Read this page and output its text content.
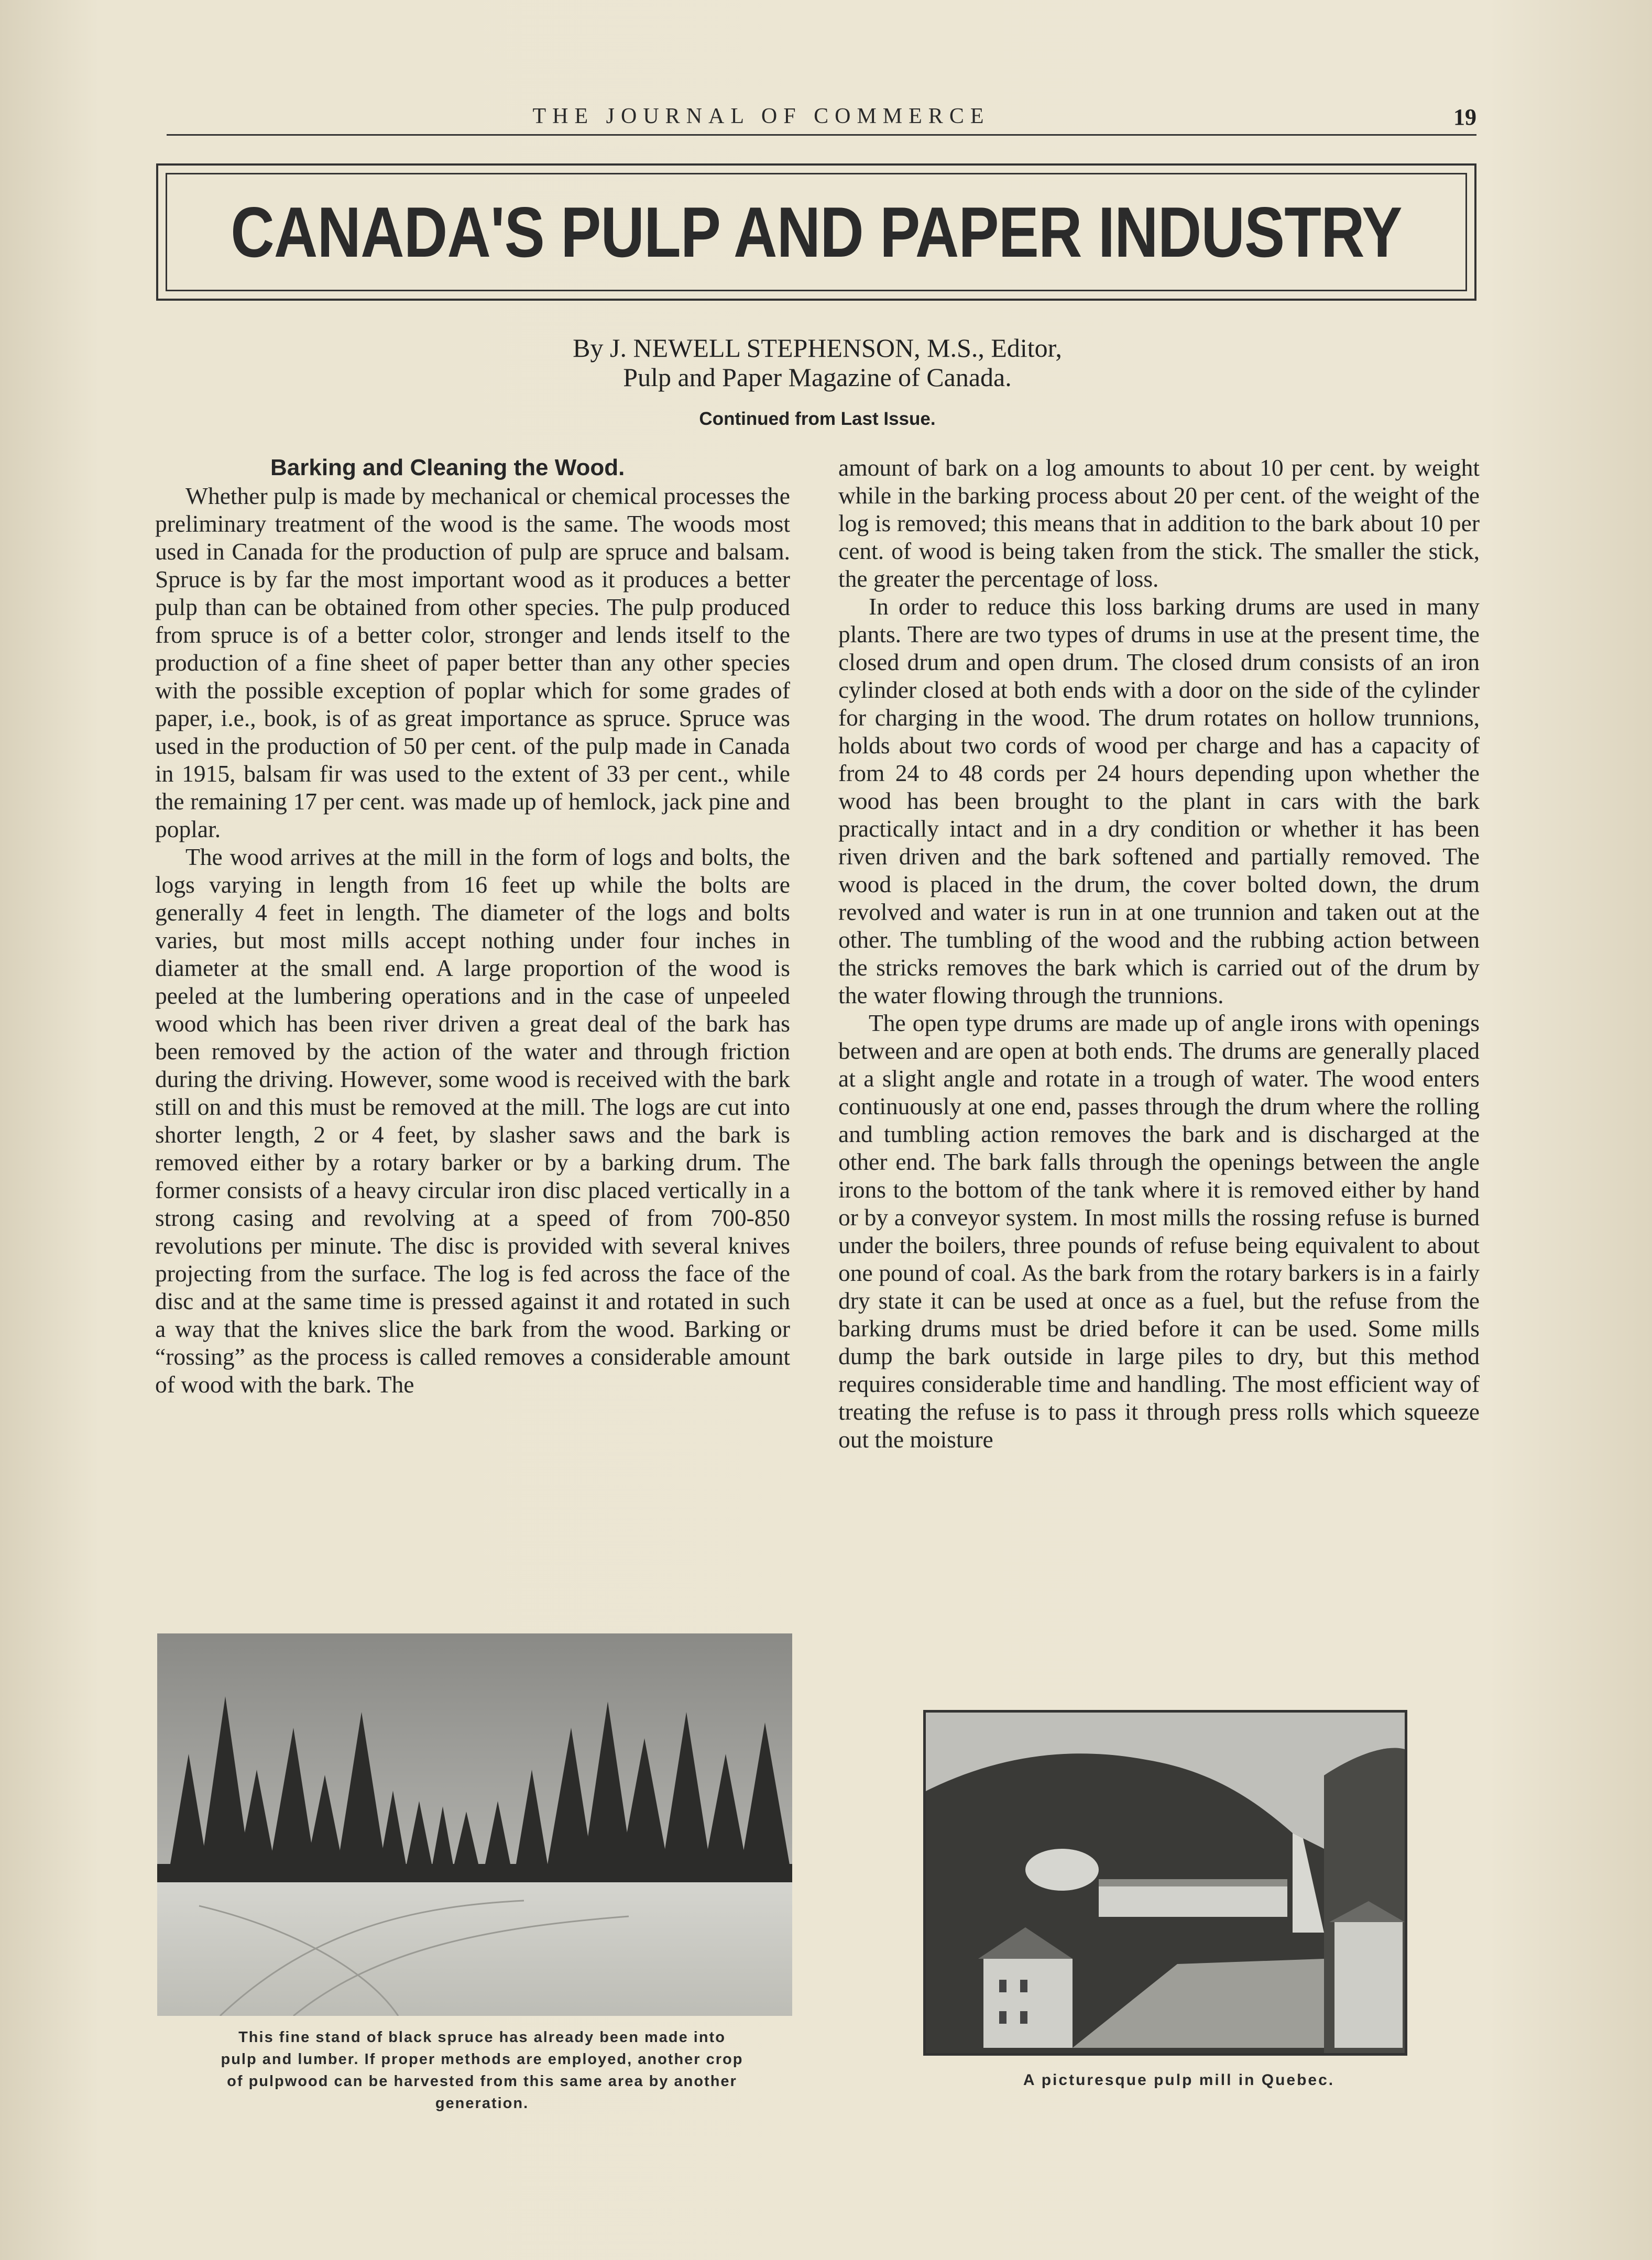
THE JOURNAL OF COMMERCE	19
CANADA'S PULP AND PAPER INDUSTRY
By J. NEWELL STEPHENSON, M.S., Editor,
Pulp and Paper Magazine of Canada.
Continued from Last Issue.
Barking and Cleaning the Wood.

Whether pulp is made by mechanical or chemical processes the preliminary treatment of the wood is the same. The woods most used in Canada for the production of pulp are spruce and balsam. Spruce is by far the most important wood as it produces a better pulp than can be obtained from other species. The pulp produced from spruce is of a better color, stronger and lends itself to the production of a fine sheet of paper better than any other species with the possible exception of poplar which for some grades of paper, i.e., book, is of as great importance as spruce. Spruce was used in the production of 50 per cent. of the pulp made in Canada in 1915, balsam fir was used to the extent of 33 per cent., while the remaining 17 per cent. was made up of hemlock, jack pine and poplar.

The wood arrives at the mill in the form of logs and bolts, the logs varying in length from 16 feet up while the bolts are generally 4 feet in length. The diameter of the logs and bolts varies, but most mills accept nothing under four inches in diameter at the small end. A large proportion of the wood is peeled at the lumbering operations and in the case of unpeeled wood which has been river driven a great deal of the bark has been removed by the action of the water and through friction during the driving. However, some wood is received with the bark still on and this must be removed at the mill. The logs are cut into shorter length, 2 or 4 feet, by slasher saws and the bark is removed either by a rotary barker or by a barking drum. The former consists of a heavy circular iron disc placed vertically in a strong casing and revolving at a speed of from 700-850 revolutions per minute. The disc is provided with several knives projecting from the surface. The log is fed across the face of the disc and at the same time is pressed against it and rotated in such a way that the knives slice the bark from the wood. Barking or “rossing” as the process is called removes a considerable amount of wood with the bark. The

amount of bark on a log amounts to about 10 per cent. by weight while in the barking process about 20 per cent. of the weight of the log is removed; this means that in addition to the bark about 10 per cent. of wood is being taken from the stick. The smaller the stick, the greater the percentage of loss.

In order to reduce this loss barking drums are used in many plants. There are two types of drums in use at the present time, the closed drum and open drum. The closed drum consists of an iron cylinder closed at both ends with a door on the side of the cylinder for charging in the wood. The drum rotates on hollow trunnions, holds about two cords of wood per charge and has a capacity of from 24 to 48 cords per 24 hours depending upon whether the wood has been brought to the plant in cars with the bark practically intact and in a dry condition or whether it has been riven driven and the bark softened and partially removed. The wood is placed in the drum, the cover bolted down, the drum revolved and water is run in at one trunnion and taken out at the other. The tumbling of the wood and the rubbing action between the stricks removes the bark which is carried out of the drum by the water flowing through the trunnions.

The open type drums are made up of angle irons with openings between and are open at both ends. The drums are generally placed at a slight angle and rotate in a trough of water. The wood enters continuously at one end, passes through the drum where the rolling and tumbling action removes the bark and is discharged at the other end. The bark falls through the openings between the angle irons to the bottom of the tank where it is removed either by hand or by a conveyor system. In most mills the rossing refuse is burned under the boilers, three pounds of refuse being equivalent to about one pound of coal. As the bark from the rotary barkers is in a fairly dry state it can be used at once as a fuel, but the refuse from the barking drums must be dried before it can be used. Some mills dump the bark outside in large piles to dry, but this method requires considerable time and handling. The most efficient way of treating the refuse is to pass it through press rolls which squeeze out the moisture

This fine stand of black spruce has already been made into pulp and lumber. If proper methods are employed, another crop of pulpwood can be harvested from this same area by another generation.
A picturesque pulp mill in Quebec.
